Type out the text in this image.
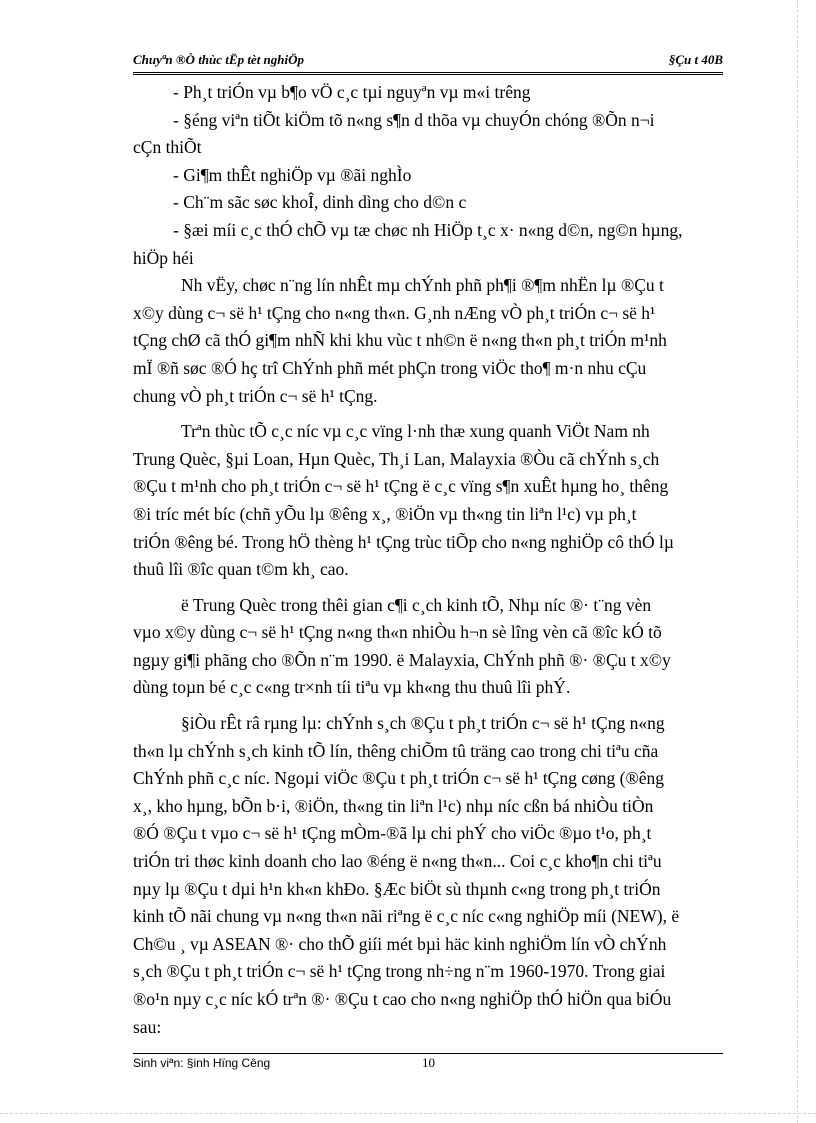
Chuyªn ®Ò thùc tËp tèt nghiÖp	§Çu t 40B
- Ph¸t triÓn vµ b¶o vÖ c¸c tµi nguyªn vµ m«i trêng
- §éng viªn tiÕt kiÖm tõ n«ng s¶n d thõa vµ chuyÓn chóng ®Õn n¬i
cÇn thiÕt
- Gi¶m thÊt nghiÖp vµ ®ãi nghÌo
- Ch¨m sãc søc khoÎ, dinh dìng cho d©n c
- §æi míi c¸c thÓ chÕ vµ tæ chøc nh HiÖp t¸c x· n«ng d©n, ng©n hµng,
hiÖp héi
Nh vËy, chøc n¨ng lín nhÊt mµ chÝnh phñ ph¶i ®¶m nhËn lµ ®Çu t
x©y dùng c¬ së h¹ tÇng cho n«ng th«n. G¸nh nÆng vÒ ph¸t triÓn c¬ së h¹
tÇng chØ cã thÓ gi¶m nhÑ khi khu vùc t nh©n ë n«ng th«n ph¸t triÓn m¹nh
mÏ ®ñ søc ®Ó hç trî ChÝnh phñ mét phÇn trong viÖc tho¶ m·n nhu cÇu
chung vÒ ph¸t triÓn c¬ së h¹ tÇng.
Trªn thùc tÕ c¸c níc vµ c¸c vïng l·nh thæ xung quanh ViÖt Nam nh
Trung Quèc, §µi Loan, Hµn Quèc, Th¸i Lan, Malayxia ®Òu cã chÝnh s¸ch
®Çu t m¹nh cho ph¸t triÓn c¬ së h¹ tÇng ë c¸c vïng s¶n xuÊt hµng ho¸ thêng
®i tríc mét bíc (chñ yÕu lµ ®êng x¸, ®iÖn vµ th«ng tin liªn l¹c) vµ ph¸t
triÓn ®êng bé. Trong hÖ thèng h¹ tÇng trùc tiÕp cho n«ng nghiÖp cô thÓ lµ
thuû lîi ®îc quan t©m kh¸ cao.
ë Trung Quèc trong thêi gian c¶i c¸ch kinh tÕ, Nhµ níc ®· t¨ng vèn
vµo x©y dùng c¬ së h¹ tÇng n«ng th«n nhiÒu h¬n sè lîng vèn cã ®îc kÓ tõ
ngµy gi¶i phãng cho ®Õn n¨m 1990. ë Malayxia, ChÝnh phñ ®· ®Çu t x©y
dùng toµn bé c¸c c«ng tr×nh tíi tiªu vµ kh«ng thu thuû lîi phÝ.
§iÒu rÊt râ rµng lµ: chÝnh s¸ch ®Çu t ph¸t triÓn c¬ së h¹ tÇng n«ng
th«n lµ chÝnh s¸ch kinh tÕ lín, thêng chiÕm tû träng cao trong chi tiªu cña
ChÝnh phñ c¸c níc. Ngoµi viÖc ®Çu t ph¸t triÓn c¬ së h¹ tÇng cøng (®êng
x¸, kho hµng, bÕn b·i, ®iÖn, th«ng tin liªn l¹c) nhµ níc cßn bá nhiÒu tiÒn
®Ó ®Çu t vµo c¬ së h¹ tÇng mÒm-®ã lµ chi phÝ cho viÖc ®µo t¹o, ph¸t
triÓn tri thøc kinh doanh cho lao ®éng ë n«ng th«n... Coi c¸c kho¶n chi tiªu
nµy lµ ®Çu t dµi h¹n kh«n khÐo. §Æc biÖt sù thµnh c«ng trong ph¸t triÓn
kinh tÕ nãi chung vµ n«ng th«n nãi riªng ë c¸c níc c«ng nghiÖp míi (NEW), ë
Ch©u ¸ vµ ASEAN ®· cho thÕ giíi mét bµi häc kinh nghiÖm lín vÒ chÝnh
s¸ch ®Çu t ph¸t triÓn c¬ së h¹ tÇng trong nh÷ng n¨m 1960-1970. Trong giai
®o¹n nµy c¸c níc kÓ trªn ®· ®Çu t cao cho n«ng nghiÖp thÓ hiÖn qua biÓu
sau:
Sinh viªn: §inh Hïng Cêng	10
